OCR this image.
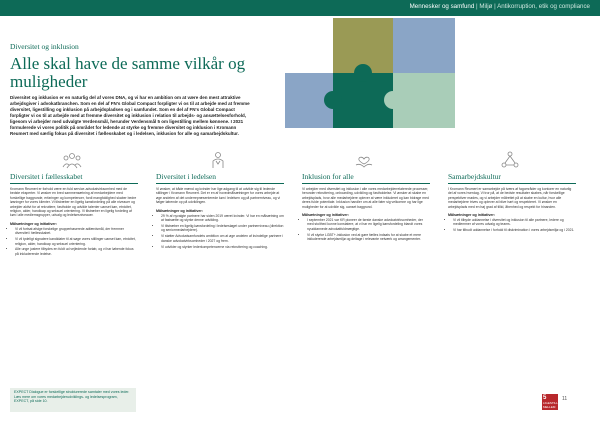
Mennesker og samfund | Miljø | Antikorruption, etik og compliance
Diversitet og inklusion
Alle skal have de samme vilkår og muligheder
Diversitet og inklusion er en naturlig del af vores DNA, og vi har en ambition om at være den mest attraktive arbejdsgiver i advokatbranchen. Som en del af FN's Global Compact forpligter vi os til at arbejde med at fremme diversitet, ligestilling og inklusion på arbejdspladsen og i samfundet. Som en del af FN's Global Compact forpligter vi os til at arbejde med at fremme diversitet og inklusion i relation til arbejds- og ansættelsesforhold, ligesom vi arbejder med udvalgte Verdensmål, herunder Verdensmål 5 om ligestilling mellem kønnene. I 2021 formulerede vi vores politik på området for ledende at styrke og fremme diversitet og inklusion i Kromann Reumert med særlig fokus på diversitet i fællesskabet og i ledelsen, inklusion for alle og samarbejdskultur.
Diversitet i fællesskabet

Kromann Reumert er forhold være en fuld service-advokatvirksomhed med de bedste eksperter. Vi ønsker en bred sammensætning af medarbejdere med forskellige baggrunde, erfaringer og kompetencer, fordi mangfoldighed skaber bedre løsninger for vores klienter. Vi tilstræber en ligelig kønsfordeling på alle niveauer og arbejder aktivt for at rekruttere, fastholde og udvikle talenter uanset køn, etnicitet, religion, alder, handicap og seksuel orientering. Vi tilstræber en ligelig fordeling af køn i alle medlemsgrupper, udvalg og ledelsesniveauer.

Målsætninger og initiativer:
• Vi vil fortsat afsige forskelige grupperbaserede adfærdsmål, der fremmer diversitet i fællesskabet.
• Vi vil tydeligt signalere kandidater til at søge vores stillinger uanset køn, etnicitet, religion, alder, handicap og seksuel orientering.
• Alle unge justere tilbydes en fuldt ud vejledende forløb, og vi har løbende fokus på inkluderende ledelse.
Diversitet i ledelsen

Vi ønsker, at både mænd og kvinder har lige adgang til at udvikle sig til ledende stillinger i Kromann Reumert. Det er en af hovedmålsætninger for vores arbejde at øge andelen af det underrepræsenterede køn i ledelsen og på partnerniveau, og vi følger løbende op på udviklingen.

Målsætninger og initiativer:
• 29 % af nyvalgte partnere har siden 2019 været kvinder. Vi har en målsætning om at fastsætte og styrke denne udvikling.
• Vi tilstræber en ligelig kønsfordeling i ledelsesløget under partnerniveau (direktion og seniormedarbejdere).
• Vi støtter Advokatsamfundets ambition om at øge andelen af kvindelige partnere i danske advokatvirksomheder i 2027 og frem.
• Vi udvikler og styrker lederkompetencerne via rekruttering og coaching.
Inklusion for alle

Vi arbejder med diversitet og inklusion i alle vores medarbejderrelaterede processer, herunder rekruttering, onboarding, udvikling og fastholdelse. Vi ønsker at skabe en arbejdsplads, hvor alle medarbejdere oplever at være inkluderet og kan bidrage med deres fulde potentiale. Inklusion handler om at alle føler sig velkomne og har lige muligheder for at udvikle sig, uanset baggrund.

Målsætninger og initiativer:
• I september 2021 var KR pioneer de første danske advokatvirksomheder, der med stolthed kunne konstatere, at vi har en ligelig kønsfordeling blandt vores nyuddannede advokatfuldmægtige.
• Vi vil styrke LGBT+-inklusion ved at gøre fælles indsats for at skabe et mere inkluderende arbejdsmiljø og deltage i relevante netværk og arrangementer.
Samarbejdskultur

I Kromann Reumert er samarbejde på tværs af fagområder og kontorer en naturlig del af vores hverdag. Vi tror på, at de bedste resultater skabes, når forskellige perspektiver mødes, og vi arbejder målrettet på at skabe en kultur, hvor alle medarbejdere trives og oplever at blive hørt og respekteret. Vi ønsker en arbejdsplads med en høj grad af tillid, åbenhed og respekt for hinanden.

Målsætninger og initiativer:
• Vi vil tilbyde uddannelse i diversitet og inklusion til alle partnere, ledere og medlemmer af vores udvalg og teams.
• Vi har tilbudt uddannelse i forhold til diskrimination i vores arbejdsmiljø og i 2021.
EXPECT Dialogue er forskellige strukturerede samtaler med vores leder. Læs mere om vores medarbejderudviklings- og ledelsesprogram, EXPECT, på side 10.
5
LIGESTILLING MELLEM KØNNENE
11
